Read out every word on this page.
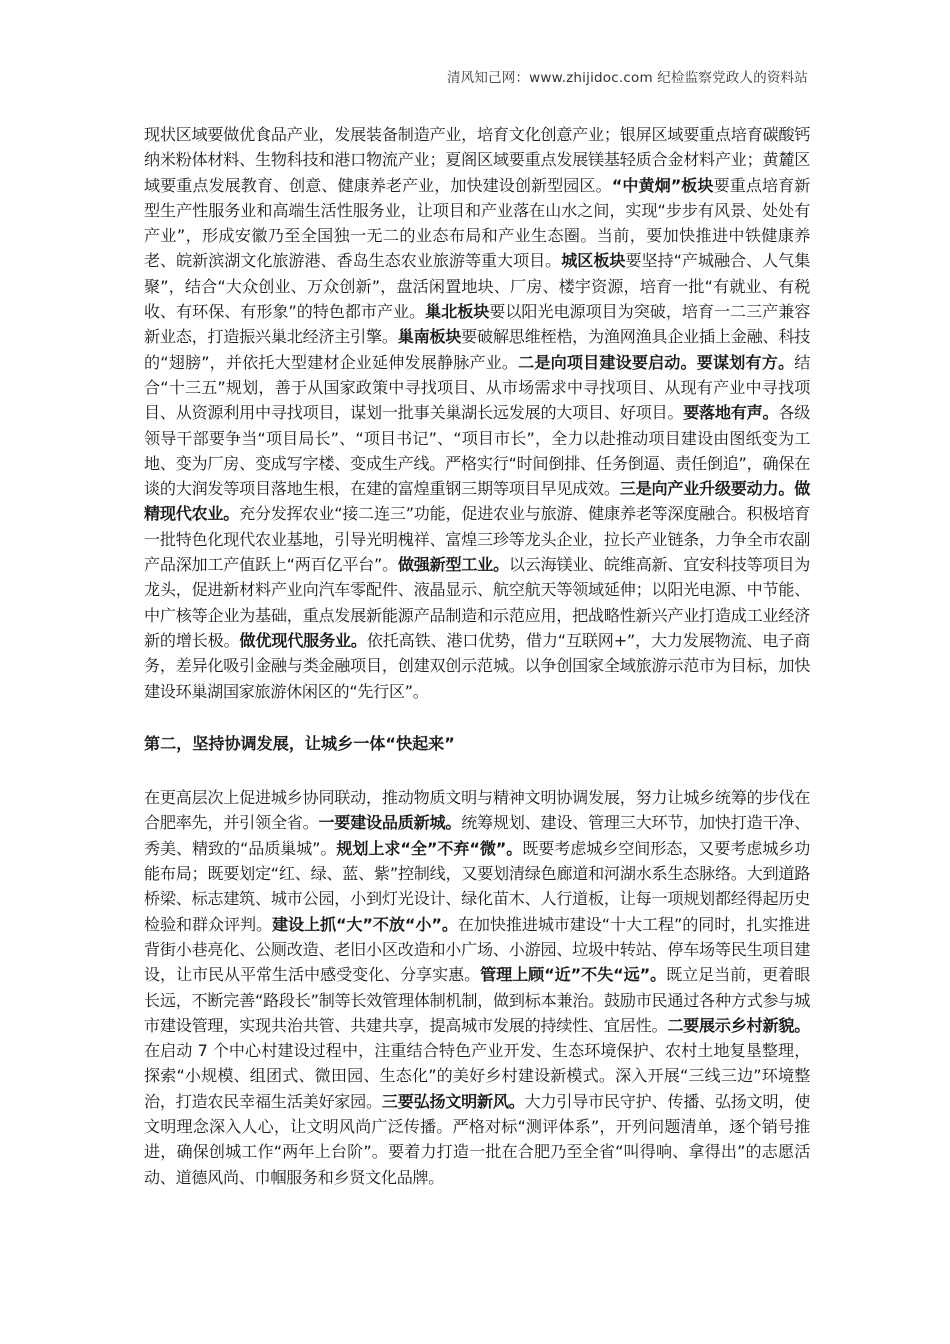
清风知己网：www.zhijidoc.com 纪检监察党政人的资料站

现状区域要做优食品产业，发展装备制造产业，培育文化创意产业；银屏区域要重点培育碳酸钙纳米粉体材料、生物科技和港口物流产业；夏阁区域要重点发展镁基轻质合金材料产业；黄麓区域要重点发展教育、创意、健康养老产业，加快建设创新型园区。“中黄炯”板块要重点培育新型生产性服务业和高端生活性服务业，让项目和产业落在山水之间，实现“步步有风景、处处有产业”，形成安徽乃至全国独一无二的业态布局和产业生态圈。当前，要加快推进中铁健康养老、皖新滨湖文化旅游港、香岛生态农业旅游等重大项目。城区板块要坚持“产城融合、人气集聚”，结合“大众创业、万众创新”，盘活闲置地块、厂房、楼宇资源，培育一批“有就业、有税收、有环保、有形象”的特色都市产业。巢北板块要以阳光电源项目为突破，培育一二三产兼容新业态，打造振兴巢北经济主引擎。巢南板块要破解思维桎梏，为渔网渔具企业插上金融、科技的“翅膀”，并依托大型建材企业延伸发展静脉产业。二是向项目建设要启动。要谋划有方。结合“十三五”规划，善于从国家政策中寻找项目、从市场需求中寻找项目、从现有产业中寻找项目、从资源利用中寻找项目，谋划一批事关巢湖长远发展的大项目、好项目。要落地有声。各级领导干部要争当“项目局长”、“项目书记”、“项目市长”，全力以赴推动项目建设由图纸变为工地、变为厂房、变成写字楼、变成生产线。严格实行“时间倒排、任务倒逼、责任倒追”，确保在谈的大润发等项目落地生根，在建的富煌重钢三期等项目早见成效。三是向产业升级要动力。做精现代农业。充分发挥农业“接二连三”功能，促进农业与旅游、健康养老等深度融合。积极培育一批特色化现代农业基地，引导光明槐祥、富煌三珍等龙头企业，拉长产业链条，力争全市农副产品深加工产值跃上“两百亿平台”。做强新型工业。以云海镁业、皖维高新、宜安科技等项目为龙头，促进新材料产业向汽车零配件、液晶显示、航空航天等领域延伸；以阳光电源、中节能、中广核等企业为基础，重点发展新能源产品制造和示范应用，把战略性新兴产业打造成工业经济新的增长极。做优现代服务业。依托高铁、港口优势，借力“互联网+”，大力发展物流、电子商务，差异化吸引金融与类金融项目，创建双创示范城。以争创国家全域旅游示范市为目标，加快建设环巢湖国家旅游休闲区的“先行区”。

第二，坚持协调发展，让城乡一体“快起来”

在更高层次上促进城乡协同联动，推动物质文明与精神文明协调发展，努力让城乡统筹的步伐在合肥率先，并引领全省。一要建设品质新城。统筹规划、建设、管理三大环节，加快打造干净、秀美、精致的“品质巢城”。规划上求“全”不弃“微”。既要考虑城乡空间形态，又要考虑城乡功能布局；既要划定“红、绿、蓝、紫”控制线，又要划清绿色廊道和河湖水系生态脉络。大到道路桥梁、标志建筑、城市公园，小到灯光设计、绿化苗木、人行道板，让每一项规划都经得起历史检验和群众评判。建设上抓“大”不放“小”。在加快推进城市建设“十大工程”的同时，扎实推进背街小巷亮化、公厕改造、老旧小区改造和小广场、小游园、垃圾中转站、停车场等民生项目建设，让市民从平常生活中感受变化、分享实惠。管理上顾“近”不失“远”。既立足当前，更着眼长远，不断完善“路段长”制等长效管理体制机制，做到标本兼治。鼓励市民通过各种方式参与城市建设管理，实现共治共管、共建共享，提高城市发展的持续性、宜居性。二要展示乡村新貌。在启动 7 个中心村建设过程中，注重结合特色产业开发、生态环境保护、农村土地复垦整理，探索“小规模、组团式、微田园、生态化”的美好乡村建设新模式。深入开展“三线三边”环境整治，打造农民幸福生活美好家园。三要弘扬文明新风。大力引导市民守护、传播、弘扬文明，使文明理念深入人心，让文明风尚广泛传播。严格对标“测评体系”，开列问题清单，逐个销号推进，确保创城工作“两年上台阶”。要着力打造一批在合肥乃至全省“叫得响、拿得出”的志愿活动、道德风尚、巾帼服务和乡贤文化品牌。
